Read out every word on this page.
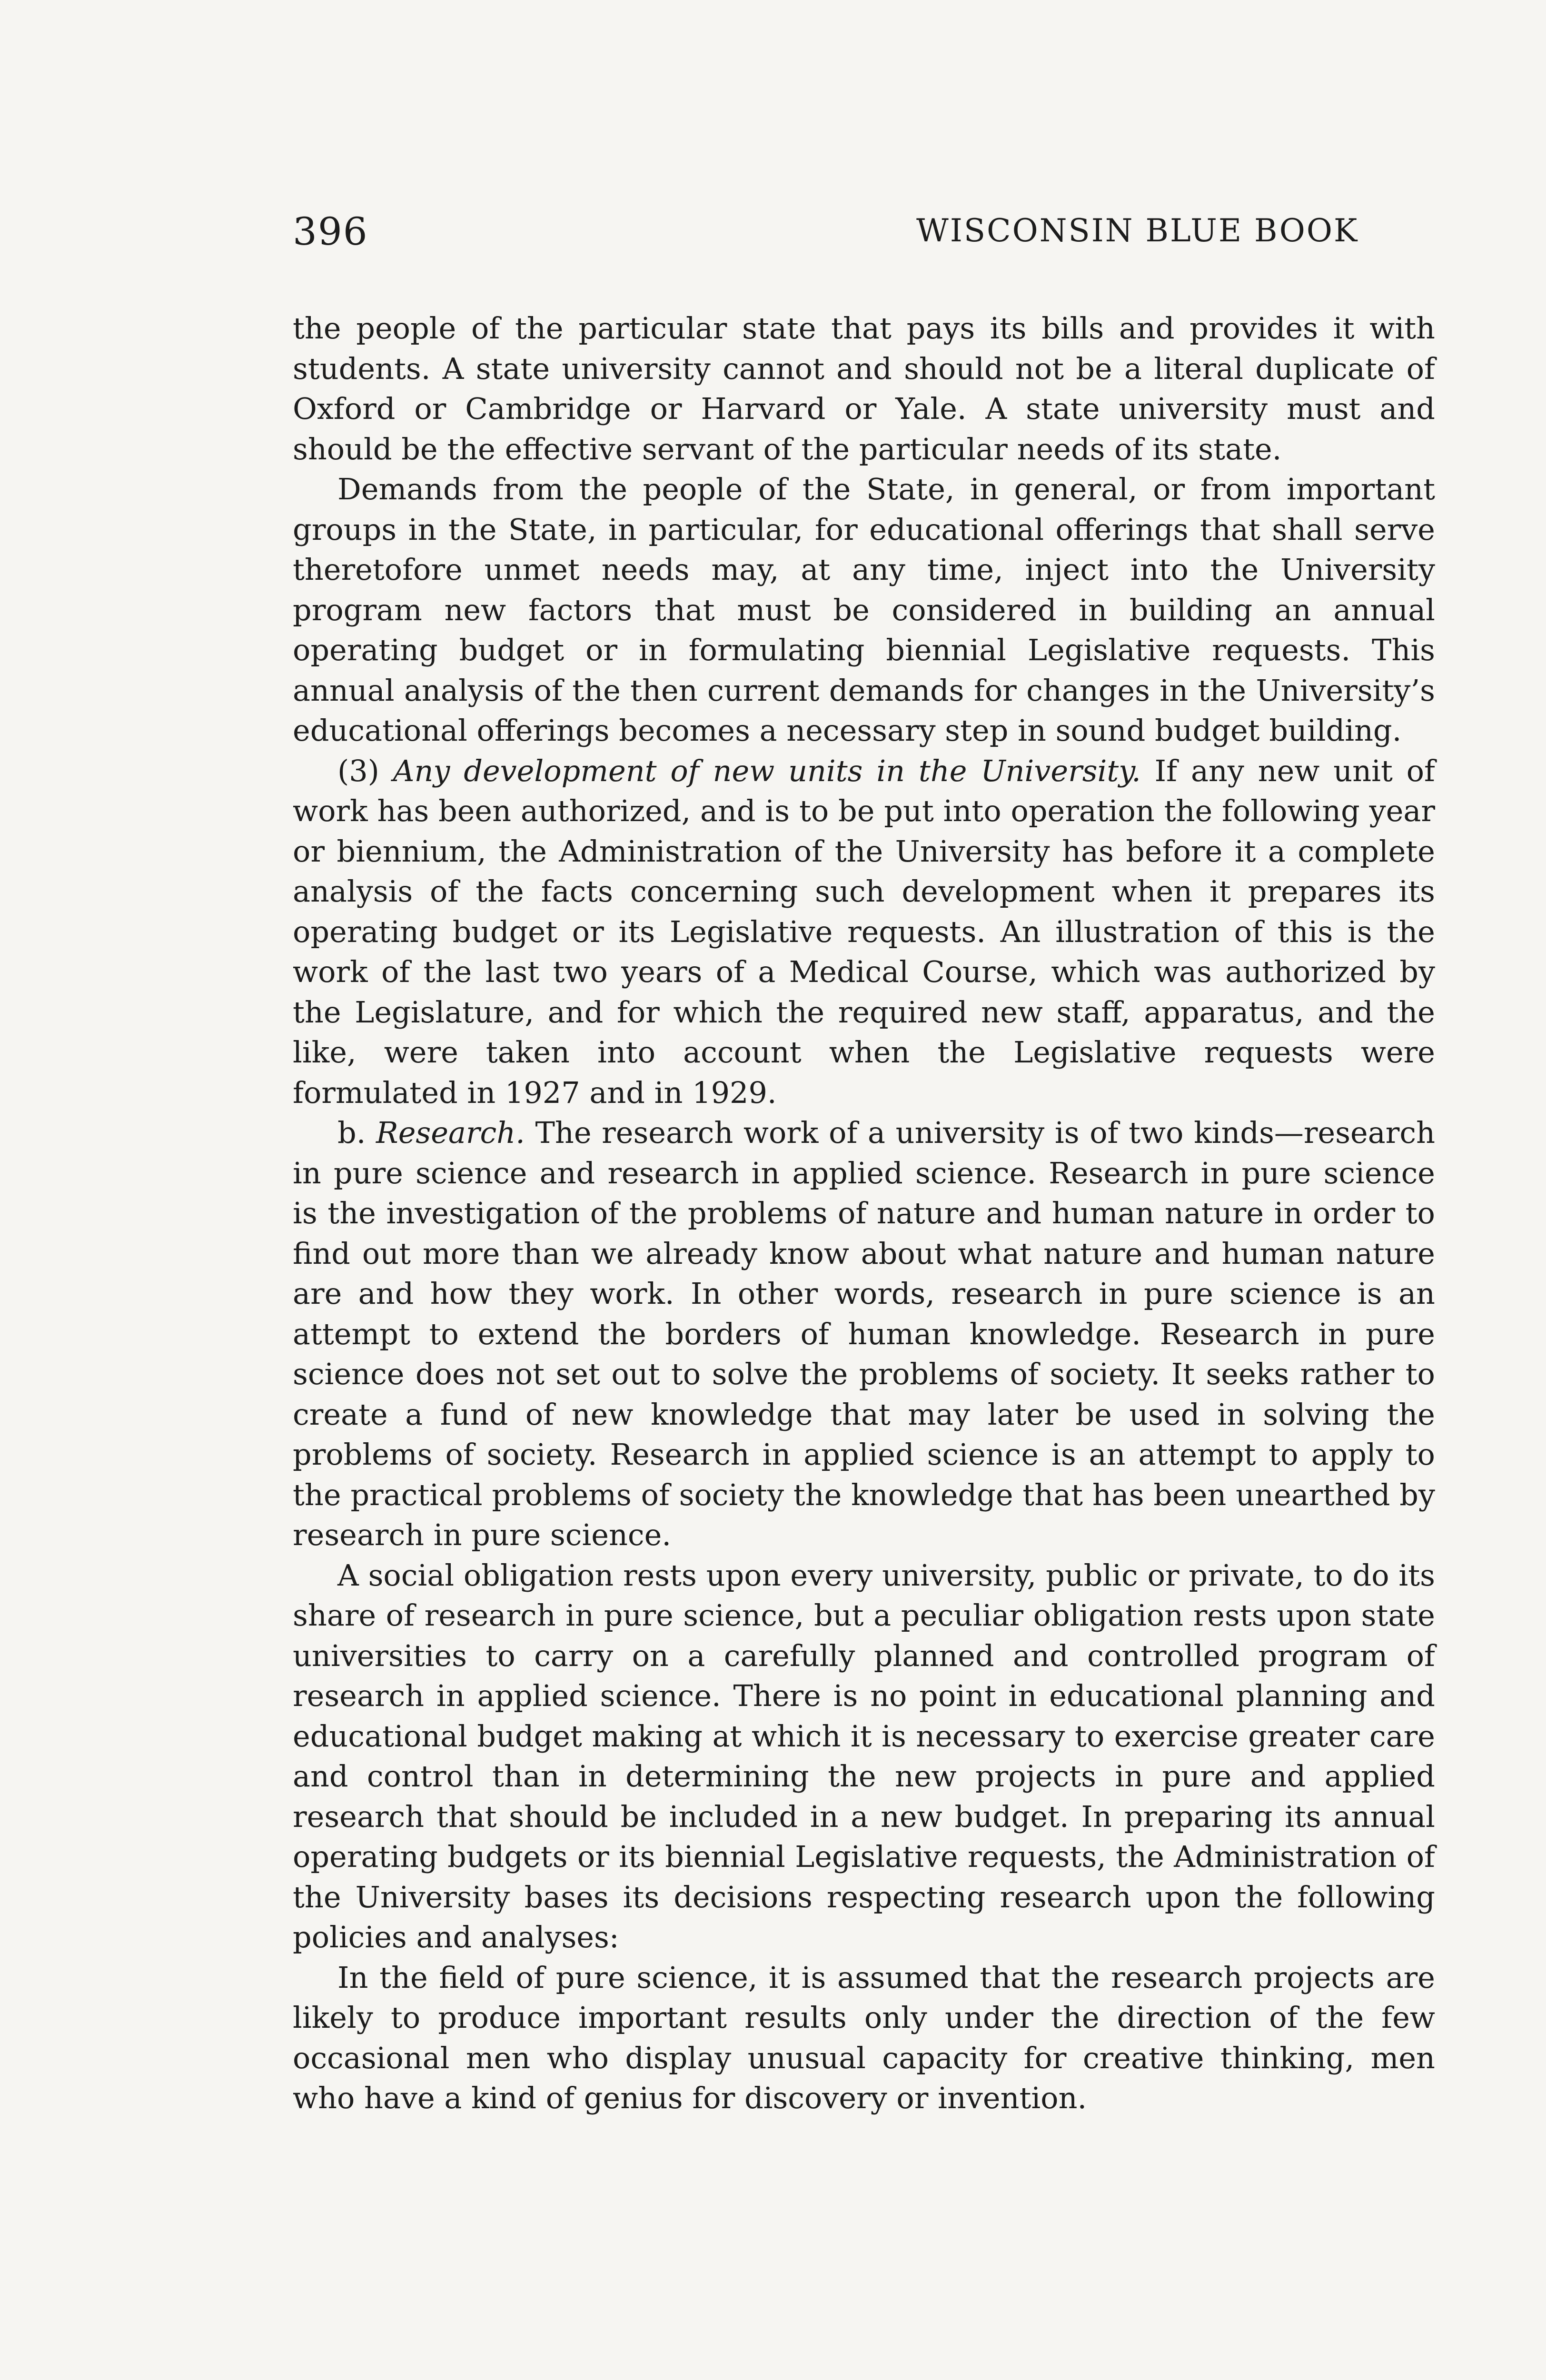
396	WISCONSIN BLUE BOOK

the people of the particular state that pays its bills and provides it with students. A state university cannot and should not be a literal duplicate of Oxford or Cambridge or Harvard or Yale. A state university must and should be the effective servant of the particular needs of its state.

Demands from the people of the State, in general, or from important groups in the State, in particular, for educational offerings that shall serve theretofore unmet needs may, at any time, inject into the University program new factors that must be considered in building an annual operating budget or in formulating biennial Legislative requests. This annual analysis of the then current demands for changes in the University’s educational offerings becomes a necessary step in sound budget building.

(3) Any development of new units in the University. If any new unit of work has been authorized, and is to be put into operation the following year or biennium, the Administration of the University has before it a complete analysis of the facts concerning such development when it prepares its operating budget or its Legislative requests. An illustration of this is the work of the last two years of a Medical Course, which was authorized by the Legislature, and for which the required new staff, apparatus, and the like, were taken into account when the Legislative requests were formulated in 1927 and in 1929.

b. Research. The research work of a university is of two kinds—research in pure science and research in applied science. Research in pure science is the investigation of the problems of nature and human nature in order to find out more than we already know about what nature and human nature are and how they work. In other words, research in pure science is an attempt to extend the borders of human knowledge. Research in pure science does not set out to solve the problems of society. It seeks rather to create a fund of new knowledge that may later be used in solving the problems of society. Research in applied science is an attempt to apply to the practical problems of society the knowledge that has been unearthed by research in pure science.

A social obligation rests upon every university, public or private, to do its share of research in pure science, but a peculiar obligation rests upon state universities to carry on a carefully planned and controlled program of research in applied science. There is no point in educational planning and educational budget making at which it is necessary to exercise greater care and control than in determining the new projects in pure and applied research that should be included in a new budget. In preparing its annual operating budgets or its biennial Legislative requests, the Administration of the University bases its decisions respecting research upon the following policies and analyses:

In the field of pure science, it is assumed that the research projects are likely to produce important results only under the direction of the few occasional men who display unusual capacity for creative thinking, men who have a kind of genius for discovery or invention.
